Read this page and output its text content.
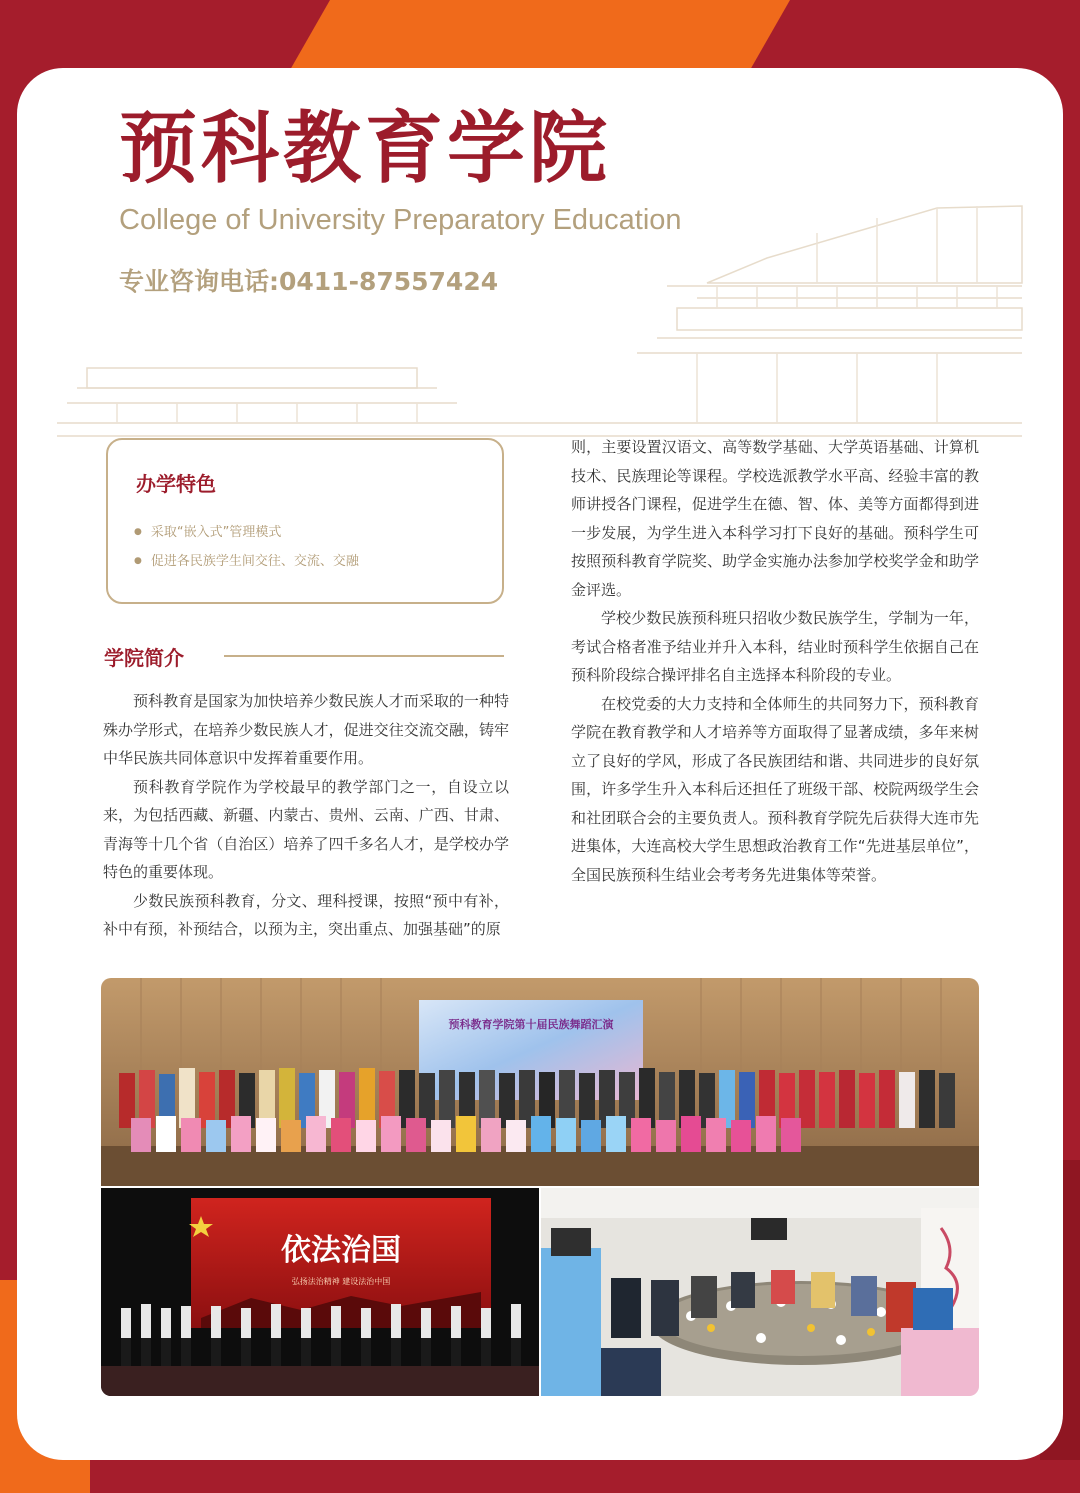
预科教育学院
College of University Preparatory Education
专业咨询电话:0411-87557424
办学特色
● 采取“嵌入式”管理模式
● 促进各民族学生间交往、交流、交融
学院简介

预科教育是国家为加快培养少数民族人才而采取的一种特殊办学形式，在培养少数民族人才，促进交往交流交融，铸牢中华民族共同体意识中发挥着重要作用。

预科教育学院作为学校最早的教学部门之一，自设立以来，为包括西藏、新疆、内蒙古、贵州、云南、广西、甘肃、青海等十几个省（自治区）培养了四千多名人才，是学校办学特色的重要体现。

少数民族预科教育，分文、理科授课，按照“预中有补，补中有预，补预结合，以预为主，突出重点、加强基础”的原

则，主要设置汉语文、高等数学基础、大学英语基础、计算机技术、民族理论等课程。学校选派教学水平高、经验丰富的教师讲授各门课程，促进学生在德、智、体、美等方面都得到进一步发展，为学生进入本科学习打下良好的基础。预科学生可按照预科教育学院奖、助学金实施办法参加学校奖学金和助学金评选。

学校少数民族预科班只招收少数民族学生，学制为一年，考试合格者准予结业并升入本科，结业时预科学生依据自己在预科阶段综合操评排名自主选择本科阶段的专业。

在校党委的大力支持和全体师生的共同努力下，预科教育学院在教育教学和人才培养等方面取得了显著成绩，多年来树立了良好的学风，形成了各民族团结和谐、共同进步的良好氛围，许多学生升入本科后还担任了班级干部、校院两级学生会和社团联合会的主要负责人。预科教育学院先后获得大连市先进集体，大连高校大学生思想政治教育工作“先进基层单位”，全国民族预科生结业会考考务先进集体等荣誉。

预科教育学院第十届民族舞蹈汇演
依法治国
弘扬法治精神 建设法治中国
